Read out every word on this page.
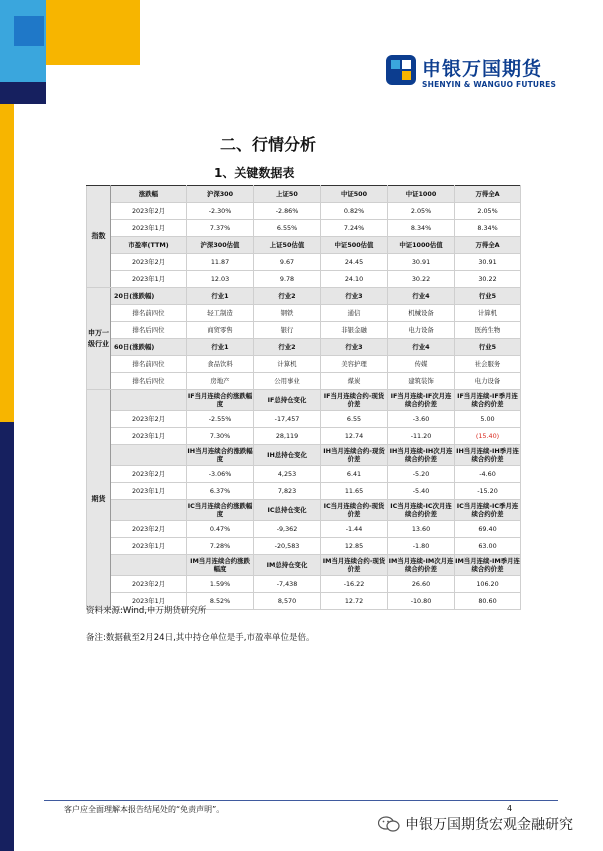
申银万国期货
SHENYIN & WANGUO FUTURES
二、行情分析
1、关键数据表
指数	涨跌幅	沪深300	上证50	中证500	中证1000	万得全A
	2023年2月	-2.30%	-2.86%	0.82%	2.05%	2.05%
	2023年1月	7.37%	6.55%	7.24%	8.34%	8.34%
	市盈率(TTM)	沪深300估值	上证50估值	中证500估值	中证1000估值	万得全A
	2023年2月	11.87	9.67	24.45	30.91	30.91
	2023年1月	12.03	9.78	24.10	30.22	30.22
申万一级行业	20日(涨跌幅)	行业1	行业2	行业3	行业4	行业5
	排名前四位	轻工制造	钢铁	通信	机械设备	计算机
	排名后四位	商贸零售	银行	非银金融	电力设备	医药生物
	60日(涨跌幅)	行业1	行业2	行业3	行业4	行业5
	排名前四位	食品饮料	计算机	美容护理	传媒	社会服务
	排名后四位	房地产	公用事业	煤炭	建筑装饰	电力设备
期货		IF当月连续合约涨跌幅度	IF总持仓变化	IF当月连续合约-现货价差	IF当月连续-IF次月连续合约价差	IF当月连续-IF季月连续合约价差
	2023年2月	-2.55%	-17,457	6.55	-3.60	5.00
	2023年1月	7.30%	28,119	12.74	-11.20	(15.40)
		IH当月连续合约涨跌幅度	IH总持仓变化	IH当月连续合约-现货价差	IH当月连续-IH次月连续合约价差	IH当月连续-IH季月连续合约价差
	2023年2月	-3.06%	4,253	6.41	-5.20	-4.60
	2023年1月	6.37%	7,823	11.65	-5.40	-15.20
		IC当月连续合约涨跌幅度	IC总持仓变化	IC当月连续合约-现货价差	IC当月连续-IC次月连续合约价差	IC当月连续-IC季月连续合约价差
	2023年2月	0.47%	-9,362	-1.44	13.60	69.40
	2023年1月	7.28%	-20,583	12.85	-1.80	63.00
		IM当月连续合约涨跌幅度	IM总持仓变化	IM当月连续合约-现货价差	IM当月连续-IM次月连续合约价差	IM当月连续-IM季月连续合约价差
	2023年2月	1.59%	-7,438	-16.22	26.60	106.20
	2023年1月	8.52%	8,570	12.72	-10.80	80.60
资料来源:Wind,申万期货研究所
备注:数据截至2月24日,其中持仓单位是手,市盈率单位是倍。
客户应全面理解本报告结尾处的“免责声明”。	4
申银万国期货宏观金融研究
